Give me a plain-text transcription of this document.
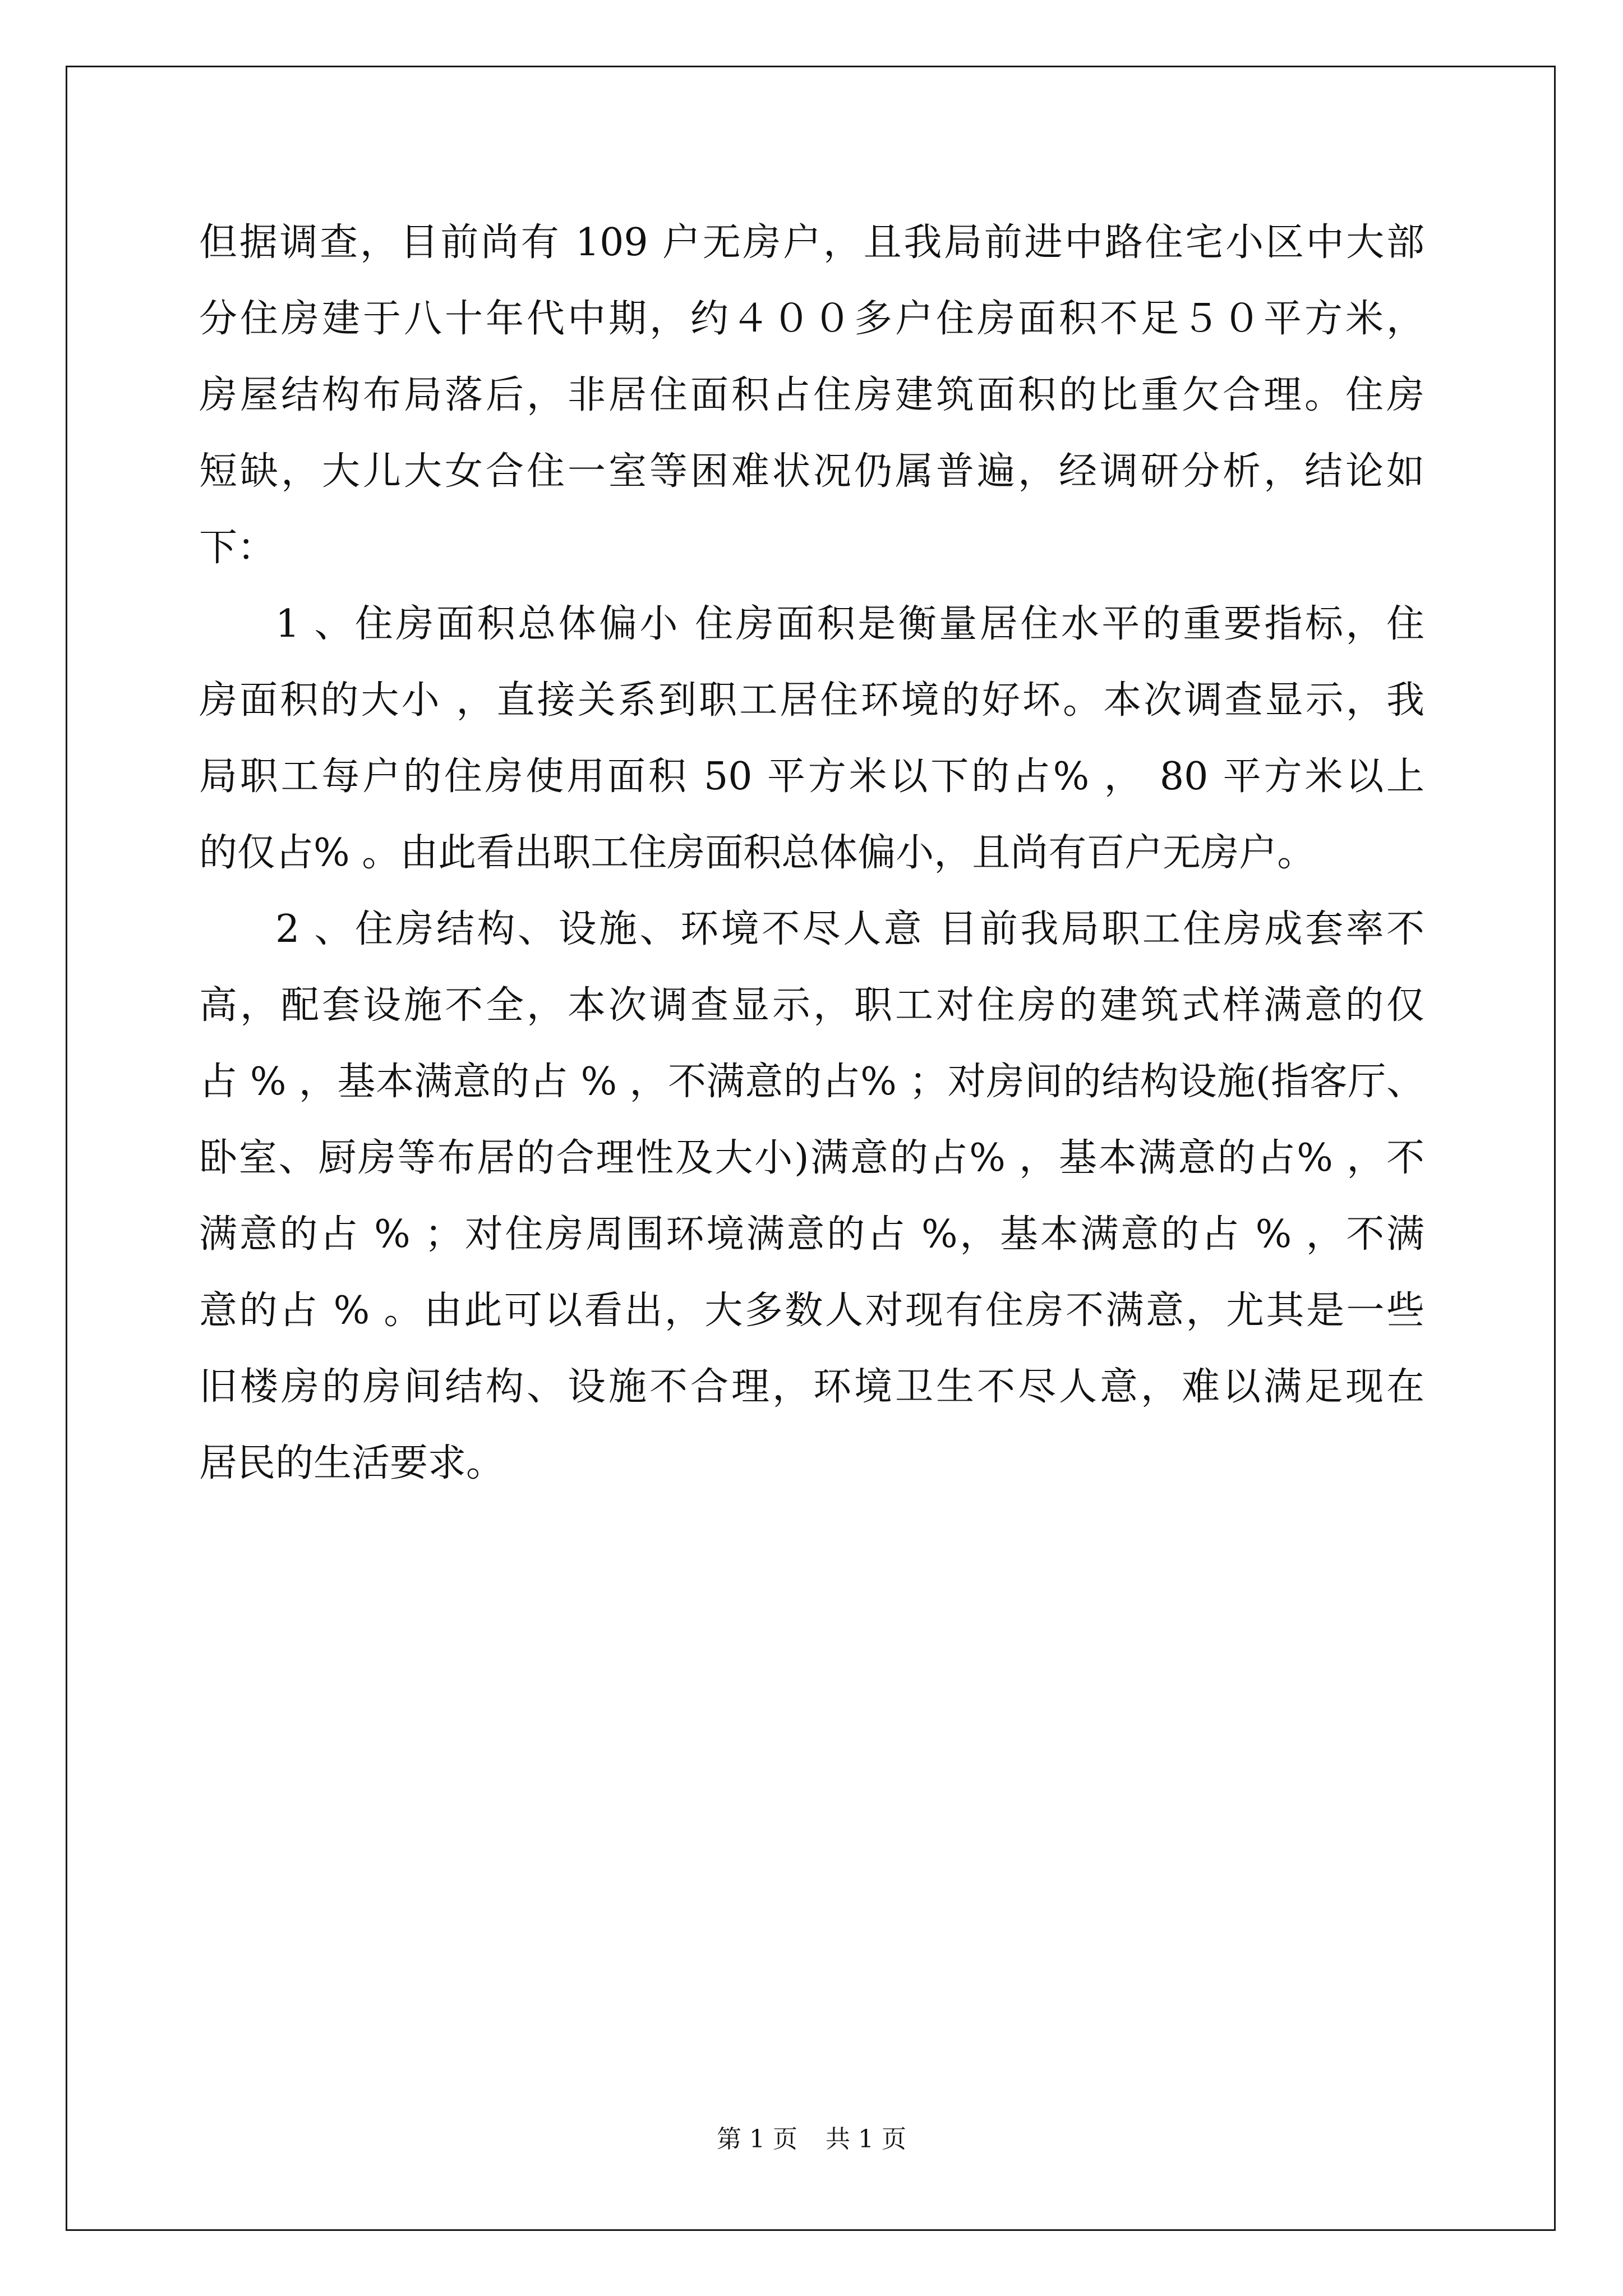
但据调查，目前尚有 109 户无房户，且我局前进中路住宅小区中大部
分住房建于八十年代中期，约４００多户住房面积不足５０平方米，
房屋结构布局落后，非居住面积占住房建筑面积的比重欠合理。住房
短缺，大儿大女合住一室等困难状况仍属普遍，经调研分析，结论如
下：
1 、住房面积总体偏小 住房面积是衡量居住水平的重要指标，住
房面积的大小 ，直接关系到职工居住环境的好坏。本次调查显示，我
局职工每户的住房使用面积 50 平方米以下的占% ， 80 平方米以上
的仅占% 。由此看出职工住房面积总体偏小，且尚有百户无房户。
2 、住房结构、设施、环境不尽人意 目前我局职工住房成套率不
高，配套设施不全，本次调查显示，职工对住房的建筑式样满意的仅
占 % ，基本满意的占 % ，不满意的占% ；对房间的结构设施(指客厅、
卧室、厨房等布居的合理性及大小)满意的占% ，基本满意的占% ，不
满意的占 % ；对住房周围环境满意的占 %，基本满意的占 % ，不满
意的占 % 。由此可以看出，大多数人对现有住房不满意，尤其是一些
旧楼房的房间结构、设施不合理，环境卫生不尽人意，难以满足现在
居民的生活要求。
第 1 页 共 1 页
